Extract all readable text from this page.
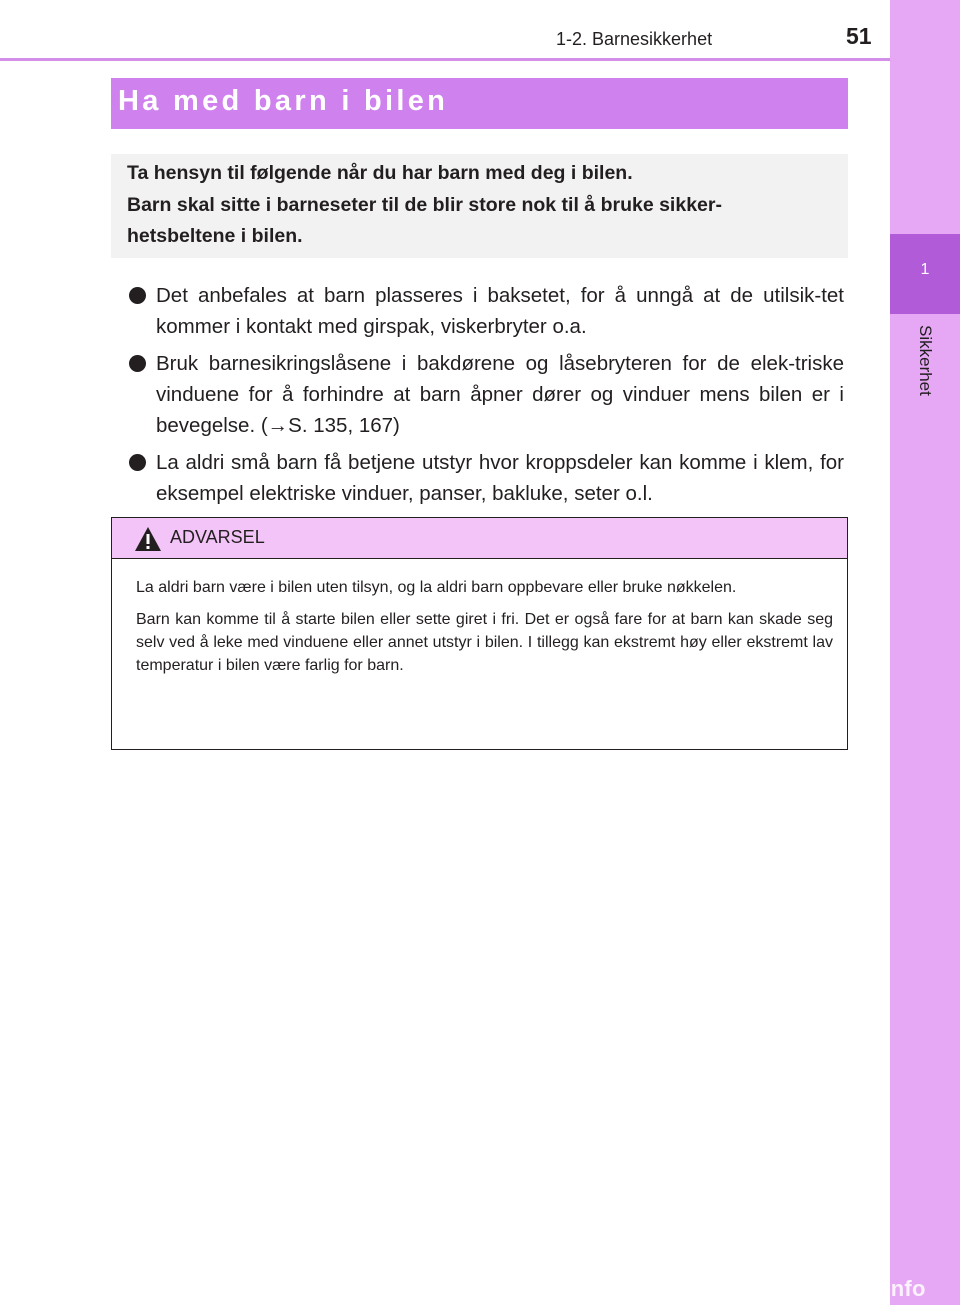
1
Sikkerhet
1-2. Barnesikkerhet	51
Ha med barn i bilen
Ta hensyn til følgende når du har barn med deg i bilen.
Barn skal sitte i barneseter til de blir store nok til å bruke sikker-
hetsbeltene i bilen.

Det anbefales at barn plasseres i baksetet, for å unngå at de utilsik-tet kommer i kontakt med girspak, viskerbryter o.a.

Bruk barnesikringslåsene i bakdørene og låsebryteren for de elek-triske vinduene for å forhindre at barn åpner dører og vinduer mens bilen er i bevegelse. (→S. 135, 167)

La aldri små barn få betjene utstyr hvor kroppsdeler kan komme i klem, for eksempel elektriske vinduer, panser, bakluke, seter o.l.

ADVARSEL

La aldri barn være i bilen uten tilsyn, og la aldri barn oppbevare eller bruke nøkkelen.

Barn kan komme til å starte bilen eller sette giret i fri. Det er også fare for at barn kan skade seg selv ved å leke med vinduene eller annet utstyr i bilen. I tillegg kan ekstremt høy eller ekstremt lav temperatur i bilen være farlig for barn.

carmanualsonline.info
